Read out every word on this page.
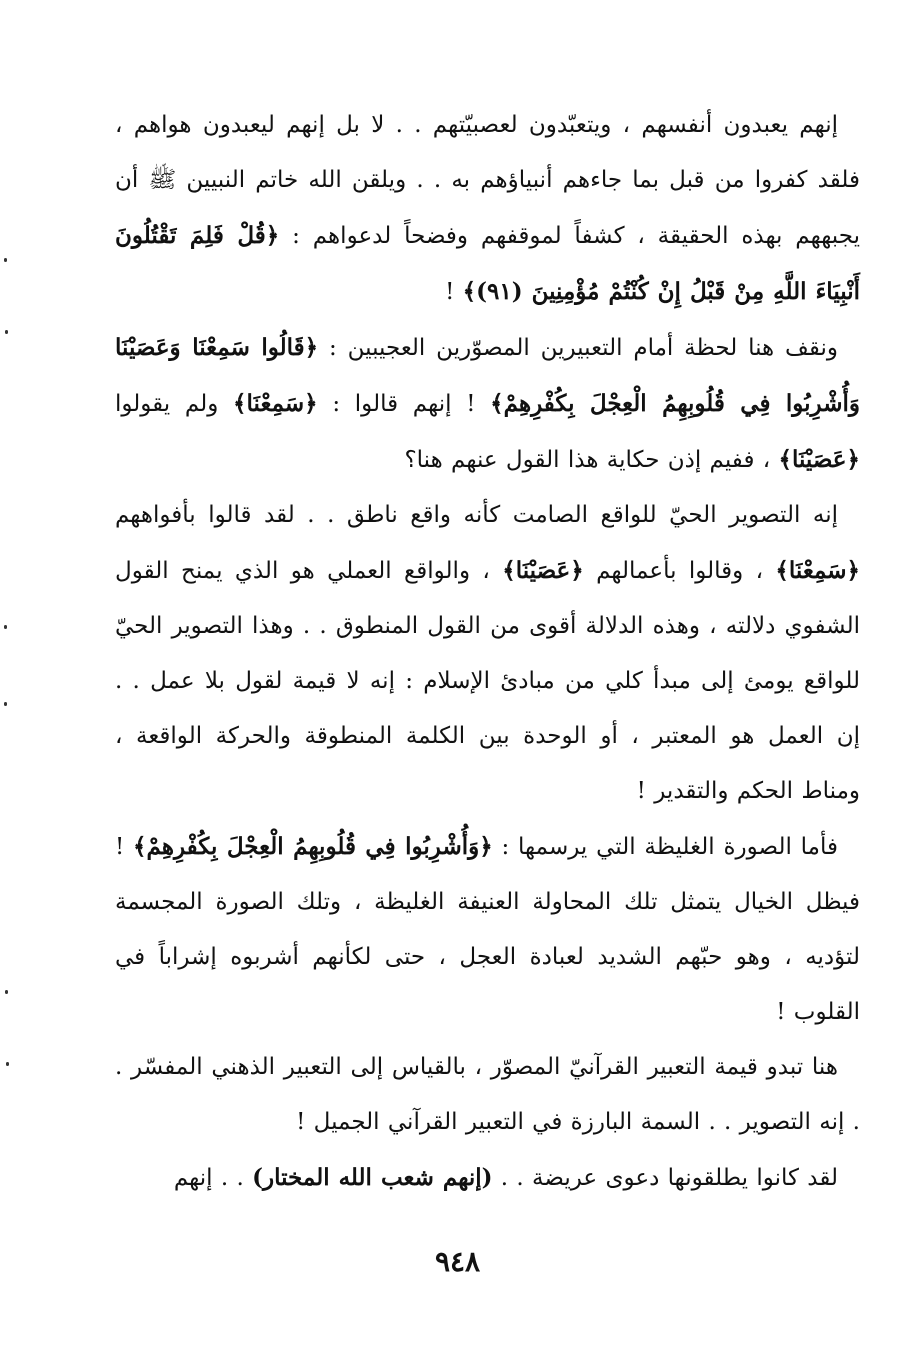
إنهم يعبدون أنفسهم ، ويتعبّدون لعصبيّتهم . . لا بل إنهم ليعبدون هواهم ، فلقد كفروا من قبل بما جاءهم أنبياؤهم به . . ويلقن الله خاتم النبيين ﷺ أن يجبههم بهذه الحقيقة ، كشفاً لموقفهم وفضحاً لدعواهم : ﴿قُلْ فَلِمَ تَقْتُلُونَ أَنْبِيَاءَ اللَّهِ مِنْ قَبْلُ إِنْ كُنْتُمْ مُؤْمِنِينَ (٩١)﴾ !

ونقف هنا لحظة أمام التعبيرين المصوّرين العجيبين : ﴿قَالُوا سَمِعْنَا وَعَصَيْنَا وَأُشْرِبُوا فِي قُلُوبِهِمُ الْعِجْلَ بِكُفْرِهِمْ﴾ ! إنهم قالوا : ﴿سَمِعْنَا﴾ ولم يقولوا ﴿عَصَيْنَا﴾ ، ففيم إذن حكاية هذا القول عنهم هنا؟

إنه التصوير الحيّ للواقع الصامت كأنه واقع ناطق . . لقد قالوا بأفواههم ﴿سَمِعْنَا﴾ ، وقالوا بأعمالهم ﴿عَصَيْنَا﴾ ، والواقع العملي هو الذي يمنح القول الشفوي دلالته ، وهذه الدلالة أقوى من القول المنطوق . . وهذا التصوير الحيّ للواقع يومئ إلى مبدأ كلي من مبادئ الإسلام : إنه لا قيمة لقول بلا عمل . . إن العمل هو المعتبر ، أو الوحدة بين الكلمة المنطوقة والحركة الواقعة ، ومناط الحكم والتقدير !

فأما الصورة الغليظة التي يرسمها : ﴿وَأُشْرِبُوا فِي قُلُوبِهِمُ الْعِجْلَ بِكُفْرِهِمْ﴾ ! فيظل الخيال يتمثل تلك المحاولة العنيفة الغليظة ، وتلك الصورة المجسمة لتؤديه ، وهو حبّهم الشديد لعبادة العجل ، حتى لكأنهم أشربوه إشراباً في القلوب !

هنا تبدو قيمة التعبير القرآنيّ المصوّر ، بالقياس إلى التعبير الذهني المفسّر . . إنه التصوير . . السمة البارزة في التعبير القرآني الجميل !

لقد كانوا يطلقونها دعوى عريضة . . (إنهم شعب الله المختار) . . إنهم

٩٤٨
